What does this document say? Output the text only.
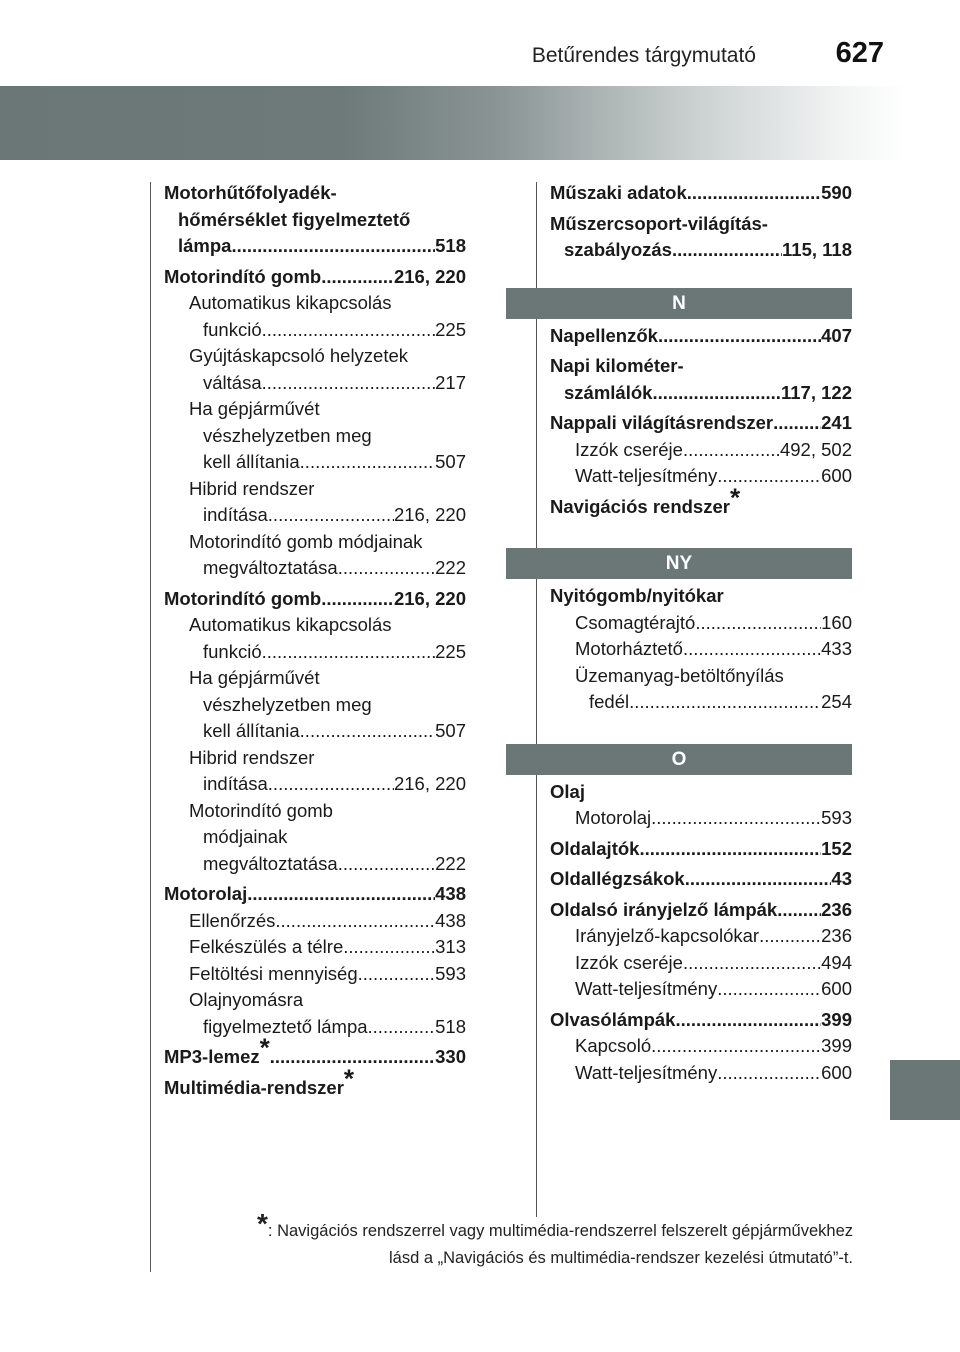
Betűrendes tárgymutató	627
Motorhűtőfolyadék-
hőmérséklet figyelmeztető
lámpa .....	518
Motorindító gomb .....	216, 220
Automatikus kikapcsolás
funkció .....	225
Gyújtáskapcsoló helyzetek
váltása .....	217
Ha gépjárművét
vészhelyzetben meg
kell állítania .....	507
Hibrid rendszer
indítása .....	216, 220
Motorindító gomb módjainak
megváltoztatása .....	222
Motorindító gomb .....	216, 220
Automatikus kikapcsolás
funkció .....	225
Ha gépjárművét
vészhelyzetben meg
kell állítania .....	507
Hibrid rendszer
indítása .....	216, 220
Motorindító gomb
módjainak
megváltoztatása .....	222
Motorolaj .....	438
Ellenőrzés .....	438
Felkészülés a télre .....	313
Feltöltési mennyiség .....	593
Olajnyomásra
figyelmeztető lámpa .....	518
MP3-lemez* .....	330
Multimédia-rendszer*
Műszaki adatok .....	590
Műszercsoport-világítás-
szabályozás .....	115, 118
N
Napellenzők .....	407
Napi kilométer-
számlálók .....	117, 122
Nappali világításrendszer .....	241
Izzók cseréje .....	492, 502
Watt-teljesítmény .....	600
Navigációs rendszer*
NY
Nyitógomb/nyitókar
Csomagtérajtó .....	160
Motorháztető .....	433
Üzemanyag-betöltőnyílás
fedél .....	254
O
Olaj
Motorolaj .....	593
Oldalajtók .....	152
Oldallégzsákok .....	43
Oldalsó irányjelző lámpák ..... 236
Irányjelző-kapcsolókar .....	236
Izzók cseréje .....	494
Watt-teljesítmény .....	600
Olvasólámpák .....	399
Kapcsoló .....	399
Watt-teljesítmény .....	600
*: Navigációs rendszerrel vagy multimédia-rendszerrel felszerelt gépjárművekhez
lásd a „Navigációs és multimédia-rendszer kezelési útmutató”-t.
